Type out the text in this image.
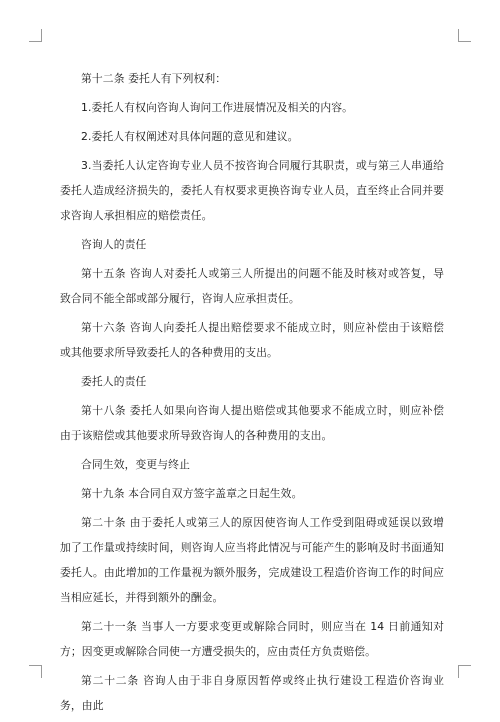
第十二条 委托人有下列权利：

1.委托人有权向咨询人询问工作进展情况及相关的内容。

2.委托人有权阐述对具体问题的意见和建议。

3.当委托人认定咨询专业人员不按咨询合同履行其职责，或与第三人串通给委托人造成经济损失的，委托人有权要求更换咨询专业人员，直至终止合同并要求咨询人承担相应的赔偿责任。

咨询人的责任

第十五条 咨询人对委托人或第三人所提出的问题不能及时核对或答复，导致合同不能全部或部分履行，咨询人应承担责任。

第十六条 咨询人向委托人提出赔偿要求不能成立时，则应补偿由于该赔偿或其他要求所导致委托人的各种费用的支出。

委托人的责任

第十八条 委托人如果向咨询人提出赔偿或其他要求不能成立时，则应补偿由于该赔偿或其他要求所导致咨询人的各种费用的支出。

合同生效，变更与终止

第十九条 本合同自双方签字盖章之日起生效。

第二十条 由于委托人或第三人的原因使咨询人工作受到阻碍或延误以致增加了工作量或持续时间，则咨询人应当将此情况与可能产生的影响及时书面通知委托人。由此增加的工作量视为额外服务，完成建设工程造价咨询工作的时间应当相应延长，并得到额外的酬金。

第二十一条 当事人一方要求变更或解除合同时，则应当在 14 日前通知对方；因变更或解除合同使一方遭受损失的，应由责任方负责赔偿。

第二十二条 咨询人由于非自身原因暂停或终止执行建设工程造价咨询业务，由此
